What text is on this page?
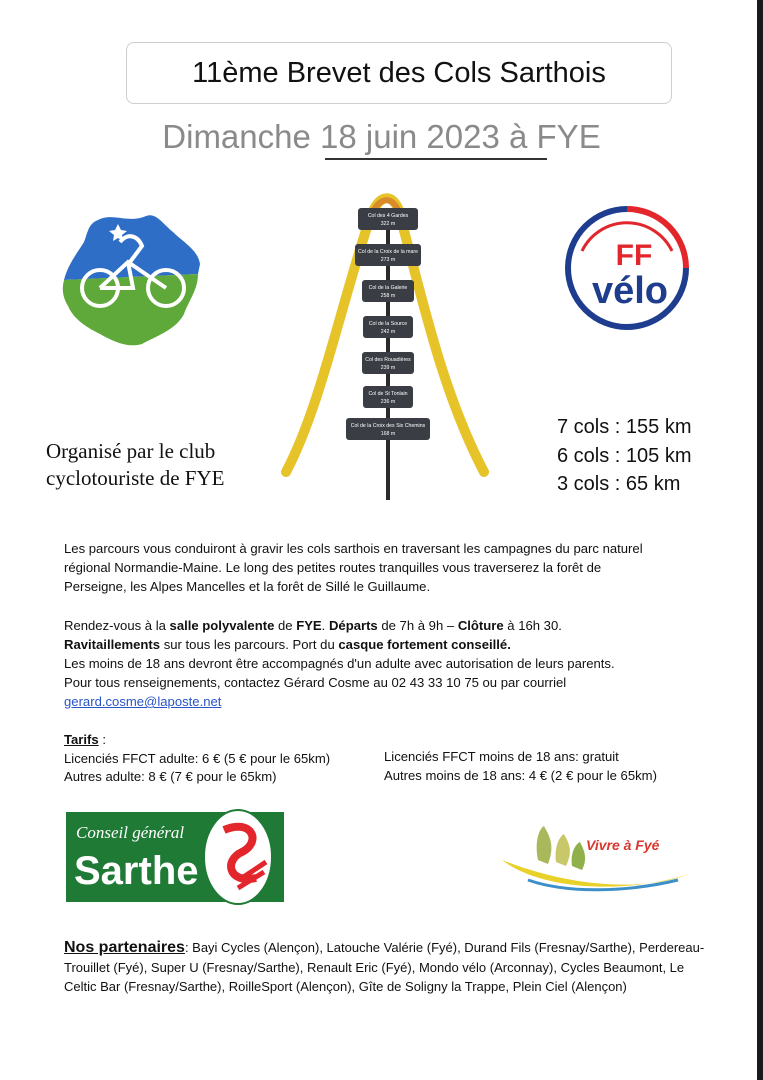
11ème Brevet des Cols Sarthois
Dimanche 18 juin 2023 à FYE
FF
vélo
Col des 4 Gardes
322 m
Col de la Croix de la mare
273 m
Col de la Galerie
258 m
Col de la Source
242 m
Col des Rouadières
239 m
Col de St Tonlain
236 m
Col de la Croix des Six Chemins
168 m
Organisé par le club
cyclotouriste de FYE
7 cols : 155 km
6 cols : 105 km
3 cols : 65 km
Les parcours vous conduiront à gravir les cols sarthois en traversant les campagnes du parc naturel
régional Normandie-Maine. Le long des petites routes tranquilles vous traverserez la forêt de
Perseigne, les Alpes Mancelles et la forêt de Sillé le Guillaume.
Rendez-vous à la salle polyvalente de FYE. Départs de 7h à 9h – Clôture à 16h 30.
Ravitaillements sur tous les parcours. Port du casque fortement conseillé.
Les moins de 18 ans devront être accompagnés d'un adulte avec autorisation de leurs parents.
Pour tous renseignements, contactez Gérard Cosme au 02 43 33 10 75 ou par courriel
gerard.cosme@laposte.net
Tarifs :
Licenciés FFCT adulte: 6 € (5 € pour le 65km)
Autres adulte: 8 € (7 € pour le 65km)
Licenciés FFCT moins de 18 ans: gratuit
Autres moins de 18 ans: 4 € (2 € pour le 65km)
Conseil général
Sarthe
Vivre à Fyé
Nos partenaires: Bayi Cycles (Alençon), Latouche Valérie (Fyé), Durand Fils (Fresnay/Sarthe), Perdereau-Trouillet (Fyé), Super U (Fresnay/Sarthe), Renault Eric (Fyé), Mondo vélo (Arconnay), Cycles Beaumont, Le Celtic Bar (Fresnay/Sarthe), RoilleSport (Alençon), Gîte de Soligny la Trappe, Plein Ciel (Alençon)
